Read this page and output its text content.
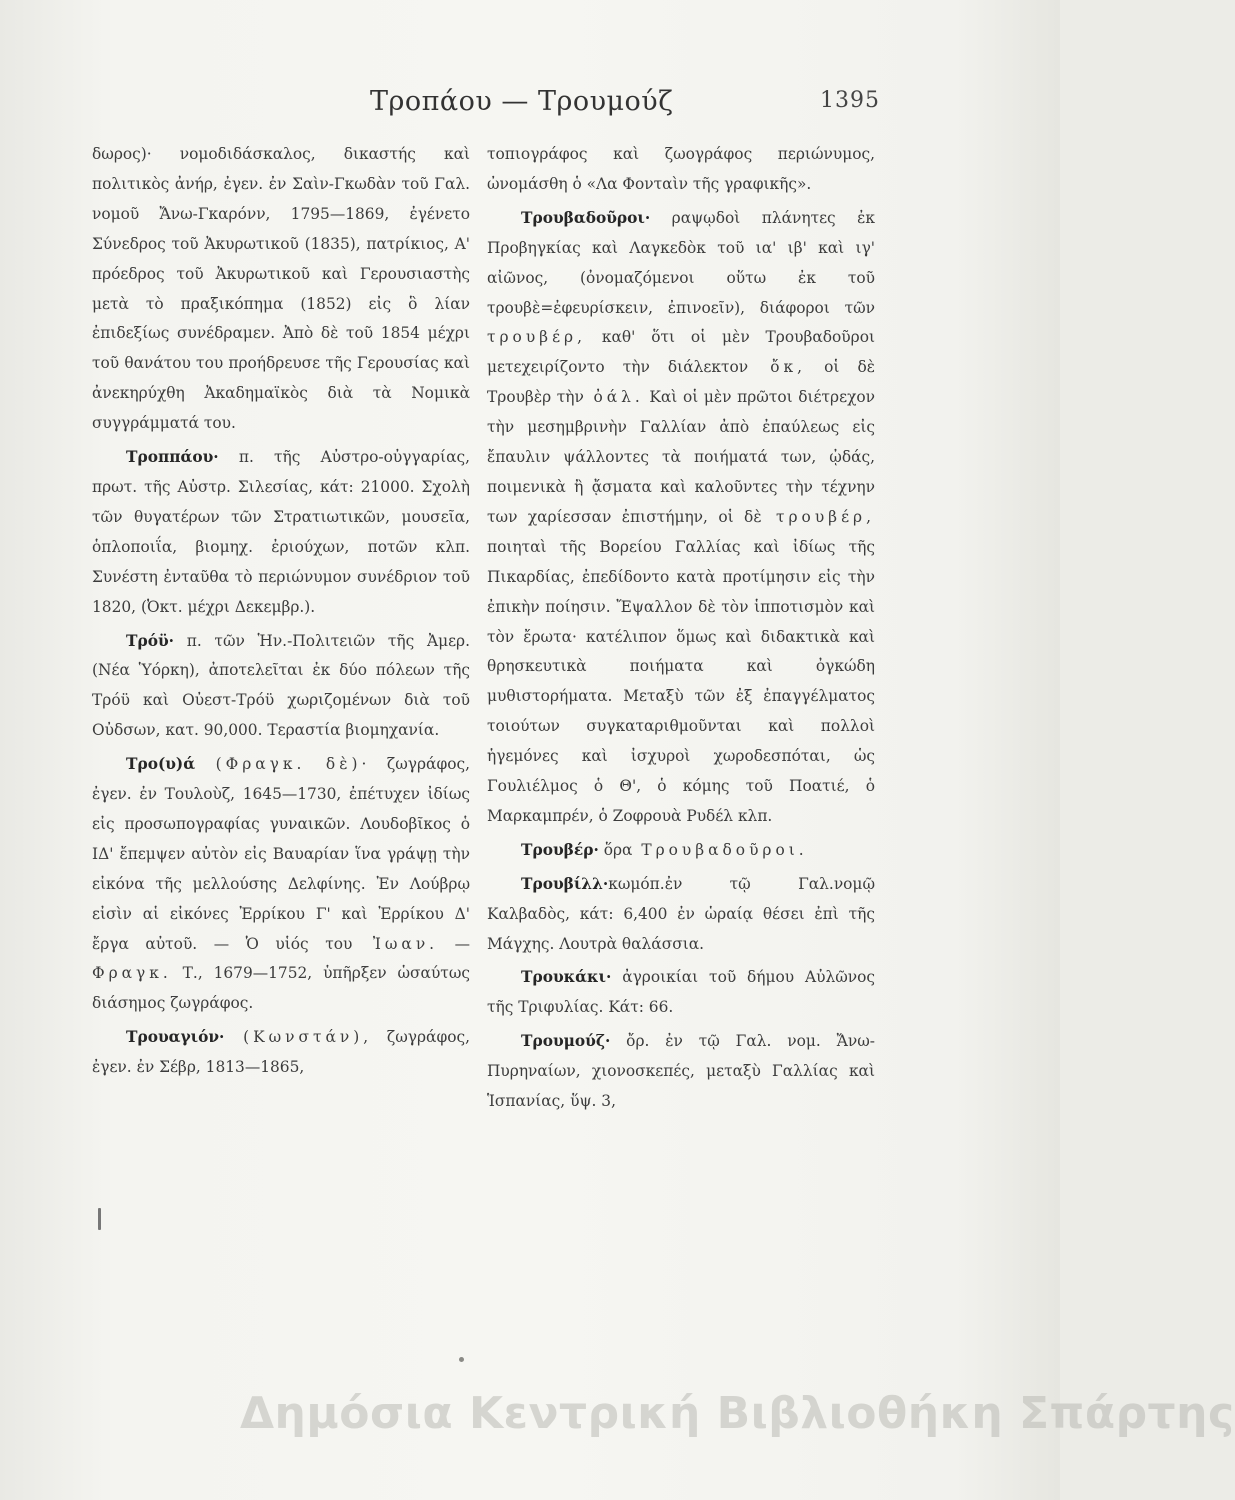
Τροπάου — Τρουμούζ	1395

δωρος)· νομοδιδάσκαλος, δικαστής καὶ πολιτικὸς ἀνήρ, ἐγεν. ἐν Σαὶν-Γκωδὰν τοῦ Γαλ. νομοῦ Ἄνω-Γκαρόνν, 1795—1869, ἐγένετο Σύνεδρος τοῦ Ἀκυρωτικοῦ (1835), πατρίκιος, Α' πρόεδρος τοῦ Ἀκυρωτικοῦ καὶ Γερουσιαστὴς μετὰ τὸ πραξικόπημα (1852) εἰς ὃ λίαν ἐπιδεξίως συνέδραμεν. Ἀπὸ δὲ τοῦ 1854 μέχρι τοῦ θανάτου του προήδρευσε τῆς Γερουσίας καὶ ἀνεκηρύχθη Ἀκαδημαϊκὸς διὰ τὰ Νομικὰ συγγράμματά του.

Τροππάου· π. τῆς Αὐστρο-οὐγγαρίας, πρωτ. τῆς Αὐστρ. Σιλεσίας, κάτ: 21000. Σχολὴ τῶν θυγατέρων τῶν Στρατιωτικῶν, μουσεῖα, ὁπλοποιΐα, βιομηχ. ἐριούχων, ποτῶν κλπ. Συνέστη ἐνταῦθα τὸ περιώνυμον συνέδριον τοῦ 1820, (Ὀκτ. μέχρι Δεκεμβρ.).

Τρόϋ· π. τῶν Ἡν.-Πολιτειῶν τῆς Ἀμερ. (Νέα Ὑόρκη), ἀποτελεῖται ἐκ δύο πόλεων τῆς Τρόϋ καὶ Οὐεστ-Τρόϋ χωριζομένων διὰ τοῦ Οὐδσων, κατ. 90,000. Τεραστία βιομηχανία.

Τρο(υ)ά (Φραγκ. δὲ)· ζωγράφος, ἐγεν. ἐν Τουλοὺζ, 1645—1730, ἐπέτυχεν ἰδίως εἰς προσωπογραφίας γυναικῶν. Λουδοβῖκος ὁ ΙΔ' ἔπεμψεν αὐτὸν εἰς Βαυαρίαν ἵνα γράψῃ τὴν εἰκόνα τῆς μελλούσης Δελφίνης. Ἐν Λούβρῳ εἰσὶν αἱ εἰκόνες Ἐρρίκου Γ' καὶ Ἐρρίκου Δ' ἔργα αὐτοῦ. — Ὁ υἱός του Ἰωαν. — Φραγκ. Τ., 1679—1752, ὑπῆρξεν ὡσαύτως διάσημος ζωγράφος.

Τρουαγιόν· (Κωνστάν), ζωγράφος, ἐγεν. ἐν Σέβρ, 1813—1865,

τοπιογράφος καὶ ζωογράφος περιώνυμος, ὠνομάσθη ὁ «Λα Φονταὶν τῆς γραφικῆς».

Τρουβαδοῦροι· ραψῳδοὶ πλάνητες ἐκ Προβηγκίας καὶ Λαγκεδὸκ τοῦ ια' ιβ' καὶ ιγ' αἰῶνος, (ὀνομαζόμενοι οὕτω ἐκ τοῦ τρουβὲ=ἐφευρίσκειν, ἐπινοεῖν), διάφοροι τῶν τρουβέρ, καθ' ὅτι οἱ μὲν Τρουβαδοῦροι μετεχειρίζοντο τὴν διάλεκτον ὄκ, οἱ δὲ Τρουβὲρ τὴν ὀάλ. Καὶ οἱ μὲν πρῶτοι διέτρεχον τὴν μεσημβρινὴν Γαλλίαν ἀπὸ ἐπαύλεως εἰς ἔπαυλιν ψάλλοντες τὰ ποιήματά των, ᾠδάς, ποιμενικὰ ἢ ᾄσματα καὶ καλοῦντες τὴν τέχνην των χαρίεσσαν ἐπιστήμην, οἱ δὲ τρουβέρ, ποιηταὶ τῆς Βορείου Γαλλίας καὶ ἰδίως τῆς Πικαρδίας, ἐπεδίδοντο κατὰ προτίμησιν εἰς τὴν ἐπικὴν ποίησιν. Ἔψαλλον δὲ τὸν ἱπποτισμὸν καὶ τὸν ἔρωτα· κατέλιπον ὅμως καὶ διδακτικὰ καὶ θρησκευτικὰ ποιήματα καὶ ὀγκώδη μυθιστορήματα. Μεταξὺ τῶν ἐξ ἐπαγγέλματος τοιούτων συγκαταριθμοῦνται καὶ πολλοὶ ἡγεμόνες καὶ ἰσχυροὶ χωροδεσπόται, ὡς Γουλιέλμος ὁ Θ', ὁ κόμης τοῦ Ποατιέ, ὁ Μαρκαμπρέν, ὁ Ζοφρουὰ Ρυδέλ κλπ.

Τρουβέρ· ὅρα Τρουβαδοῦροι.

Τρουβίλλ·κωμόπ.ἐν τῷ Γαλ.νομῷ Καλβαδὸς, κάτ: 6,400 ἐν ὡραίᾳ θέσει ἐπὶ τῆς Μάγχης. Λουτρὰ θαλάσσια.

Τρουκάκι· ἀγροικίαι τοῦ δήμου Αὐλῶνος τῆς Τριφυλίας. Κάτ: 66.

Τρουμούζ· ὄρ. ἐν τῷ Γαλ. νομ. Ἄνω-Πυρηναίων, χιονοσκεπές, μεταξὺ Γαλλίας καὶ Ἱσπανίας, ὕψ. 3,

Δημόσια Κεντρική Βιβλιοθήκη Σπάρτης
